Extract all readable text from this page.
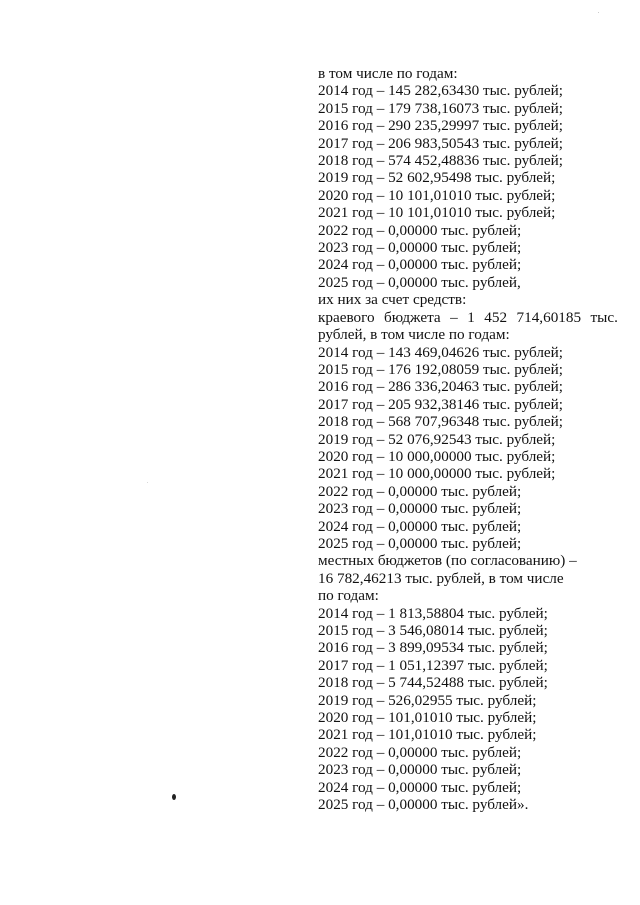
в том числе по годам:
2014 год – 145 282,63430 тыс. рублей;
2015 год – 179 738,16073 тыс. рублей;
2016 год – 290 235,29997 тыс. рублей;
2017 год – 206 983,50543 тыс. рублей;
2018 год – 574 452,48836 тыс. рублей;
2019 год – 52 602,95498 тыс. рублей;
2020 год – 10 101,01010 тыс. рублей;
2021 год – 10 101,01010 тыс. рублей;
2022 год – 0,00000 тыс. рублей;
2023 год – 0,00000 тыс. рублей;
2024 год – 0,00000 тыс. рублей;
2025 год – 0,00000 тыс. рублей,
их них за счет средств:
краевого бюджета – 1 452 714,60185 тыс.
рублей, в том числе по годам:
2014 год – 143 469,04626 тыс. рублей;
2015 год – 176 192,08059 тыс. рублей;
2016 год – 286 336,20463 тыс. рублей;
2017 год – 205 932,38146 тыс. рублей;
2018 год – 568 707,96348 тыс. рублей;
2019 год – 52 076,92543 тыс. рублей;
2020 год – 10 000,00000 тыс. рублей;
2021 год – 10 000,00000 тыс. рублей;
2022 год – 0,00000 тыс. рублей;
2023 год – 0,00000 тыс. рублей;
2024 год – 0,00000 тыс. рублей;
2025 год – 0,00000 тыс. рублей;
местных бюджетов (по согласованию) –
16 782,46213 тыс. рублей, в том числе
по годам:
2014 год – 1 813,58804 тыс. рублей;
2015 год – 3 546,08014 тыс. рублей;
2016 год – 3 899,09534 тыс. рублей;
2017 год – 1 051,12397 тыс. рублей;
2018 год – 5 744,52488 тыс. рублей;
2019 год – 526,02955 тыс. рублей;
2020 год – 101,01010 тыс. рублей;
2021 год – 101,01010 тыс. рублей;
2022 год – 0,00000 тыс. рублей;
2023 год – 0,00000 тыс. рублей;
2024 год – 0,00000 тыс. рублей;
2025 год – 0,00000 тыс. рублей».
